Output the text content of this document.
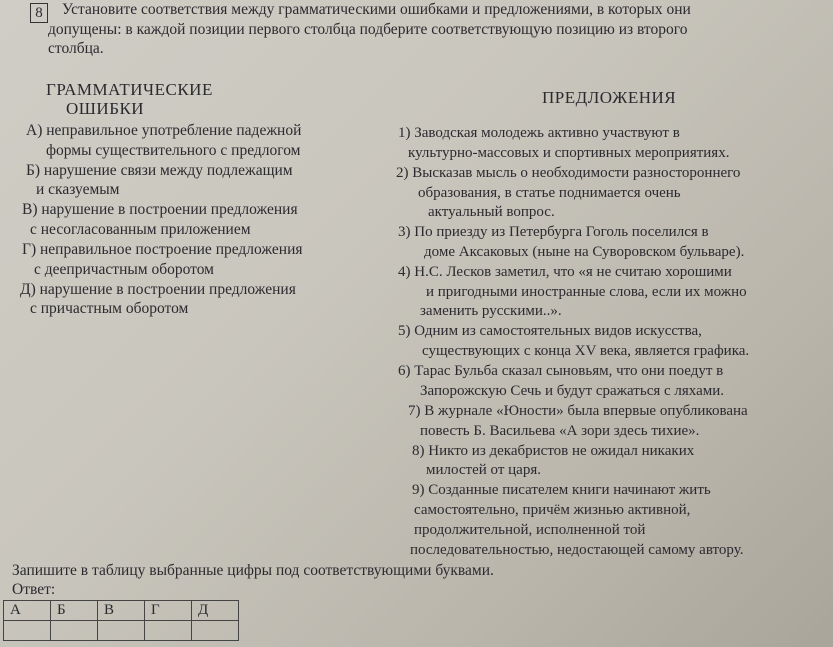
8	Установите соответствия между грамматическими ошибками и предложениями, в которых они
допущены: в каждой позиции первого столбца подберите соответствующую позицию из второго
столбца.
ГРАММАТИЧЕСКИЕ
ОШИБКИ
А) неправильное употребление падежной
формы существительного с предлогом
Б) нарушение связи между подлежащим
и сказуемым
В) нарушение в построении предложения
с несогласованным приложением
Г) неправильное построение предложения
с деепричастным оборотом
Д) нарушение в построении предложения
с причастным оборотом
ПРЕДЛОЖЕНИЯ
1) Заводская молодежь активно участвуют в
культурно-массовых и спортивных мероприятиях.
2) Высказав мысль о необходимости разностороннего
образования, в статье поднимается очень
актуальный вопрос.
3) По приезду из Петербурга Гоголь поселился в
доме Аксаковых (ныне на Суворовском бульваре).
4) Н.С. Лесков заметил, что «я не считаю хорошими
и пригодными иностранные слова, если их можно
заменить русскими..».
5) Одним из самостоятельных видов искусства,
существующих с конца XV века, является графика.
6) Тарас Бульба сказал сыновьям, что они поедут в
Запорожскую Сечь и будут сражаться с ляхами.
7) В журнале «Юности» была впервые опубликована
повесть Б. Васильева «А зори здесь тихие».
8) Никто из декабристов не ожидал никаких
милостей от царя.
9) Созданные писателем книги начинают жить
самостоятельно, причём жизнью активной,
продолжительной, исполненной той
последовательностью, недостающей самому автору.
Запишите в таблицу выбранные цифры под соответствующими буквами.
Ответ:
А	Б	В	Г	Д
